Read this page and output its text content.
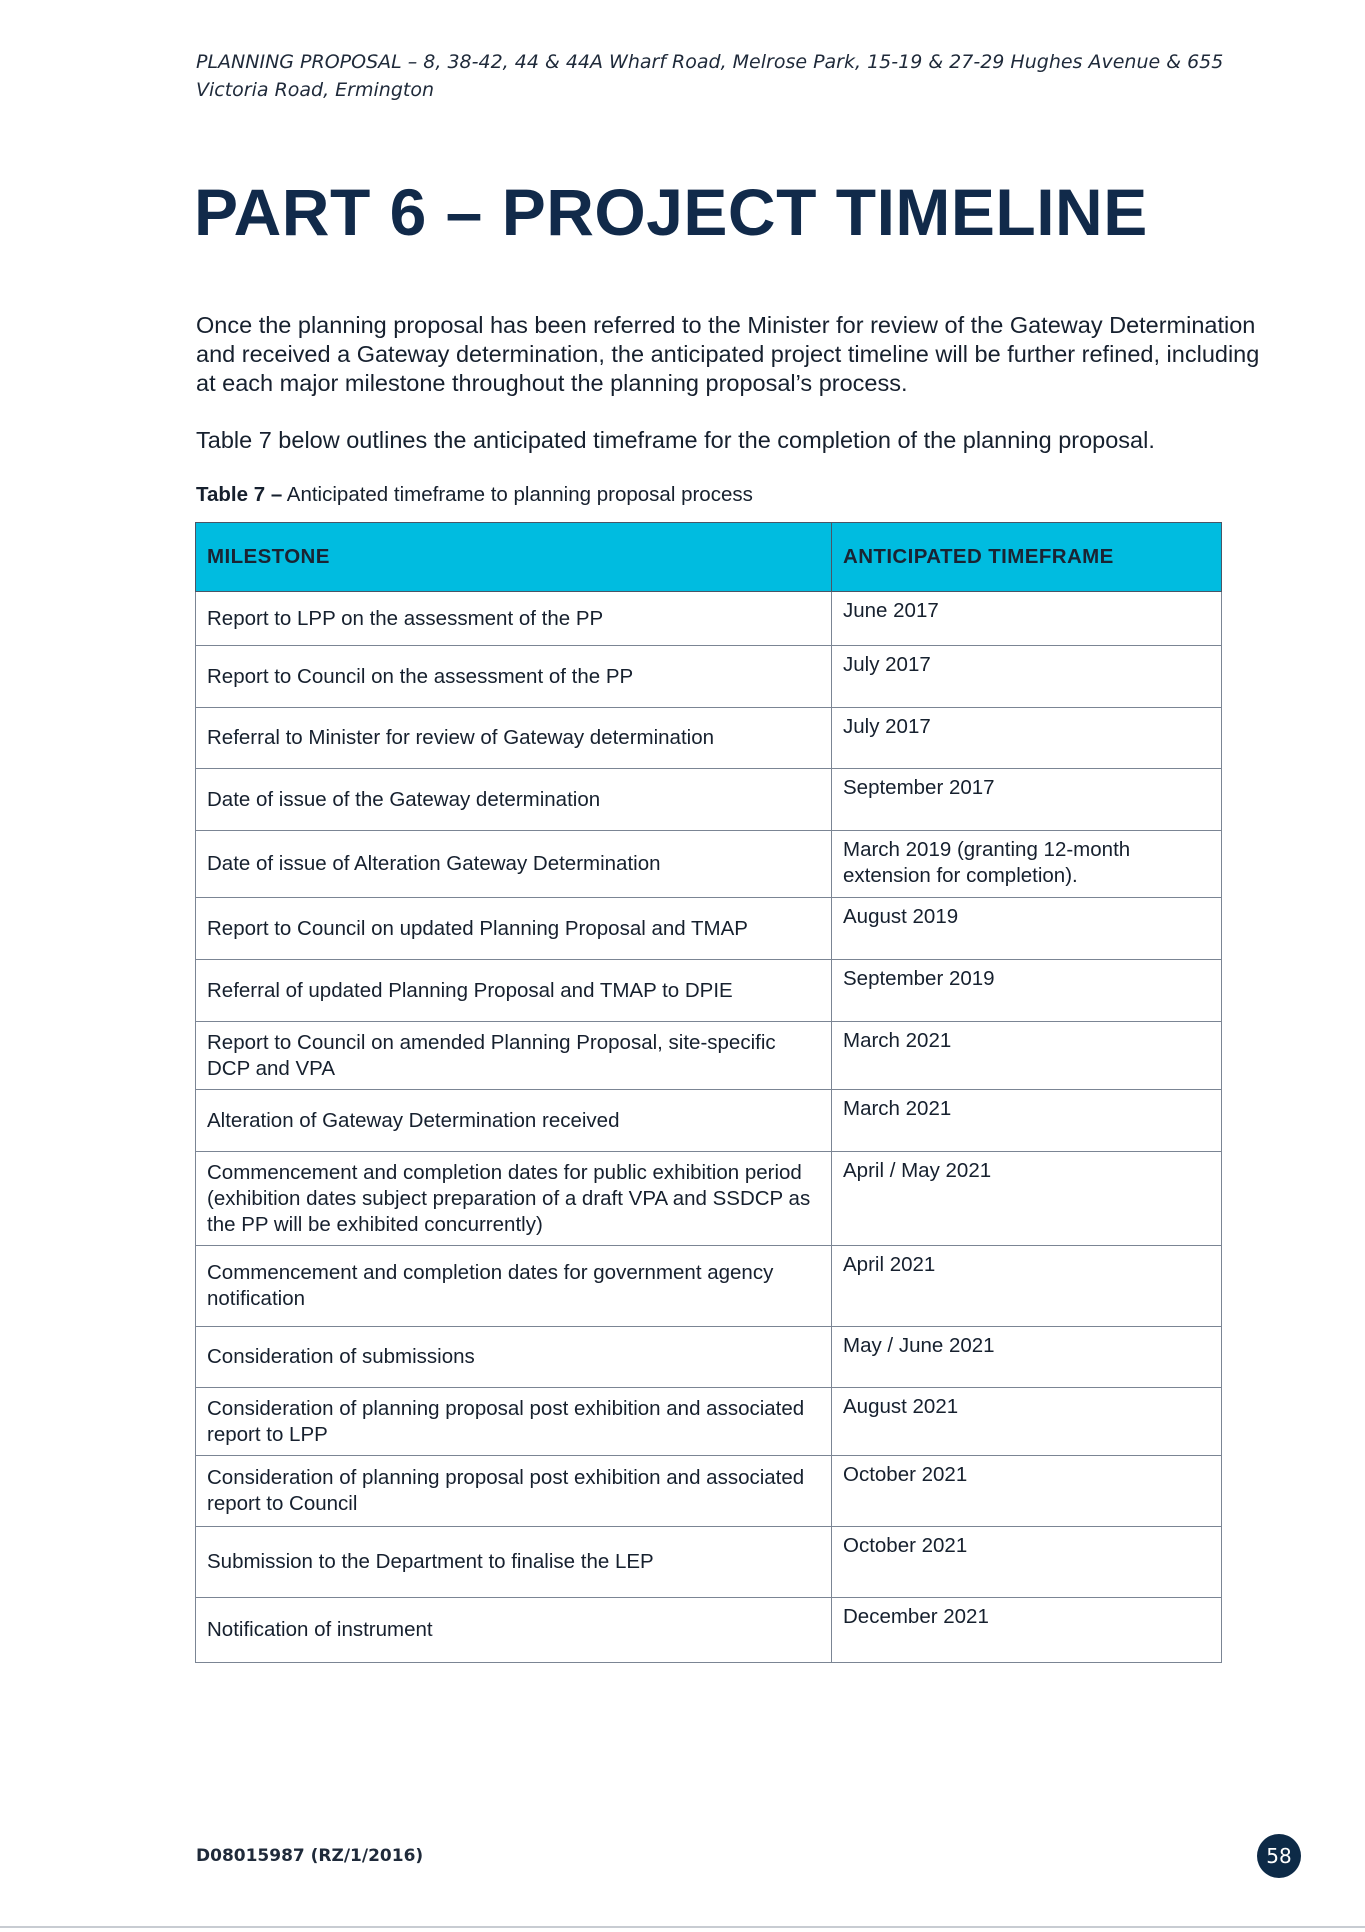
PLANNING PROPOSAL – 8, 38-42, 44 & 44A Wharf Road, Melrose Park, 15-19 & 27-29 Hughes Avenue & 655 Victoria Road, Ermington
PART 6 – PROJECT TIMELINE

Once the planning proposal has been referred to the Minister for review of the Gateway Determination and received a Gateway determination, the anticipated project timeline will be further refined, including at each major milestone throughout the planning proposal’s process.

Table 7 below outlines the anticipated timeframe for the completion of the planning proposal.

Table 7 – Anticipated timeframe to planning proposal process
MILESTONE	ANTICIPATED TIMEFRAME
Report to LPP on the assessment of the PP	June 2017
Report to Council on the assessment of the PP	July 2017
Referral to Minister for review of Gateway determination	July 2017
Date of issue of the Gateway determination	September 2017
Date of issue of Alteration Gateway Determination	March 2019 (granting 12-month extension for completion).
Report to Council on updated Planning Proposal and TMAP	August 2019
Referral of updated Planning Proposal and TMAP to DPIE	September 2019
Report to Council on amended Planning Proposal, site-specific DCP and VPA	March 2021
Alteration of Gateway Determination received	March 2021
Commencement and completion dates for public exhibition period (exhibition dates subject preparation of a draft VPA and SSDCP as the PP will be exhibited concurrently)	April / May 2021
Commencement and completion dates for government agency notification	April 2021
Consideration of submissions	May / June 2021
Consideration of planning proposal post exhibition and associated report to LPP	August 2021
Consideration of planning proposal post exhibition and associated report to Council	October 2021
Submission to the Department to finalise the LEP	October 2021
Notification of instrument	December 2021
D08015987 (RZ/1/2016)	58
